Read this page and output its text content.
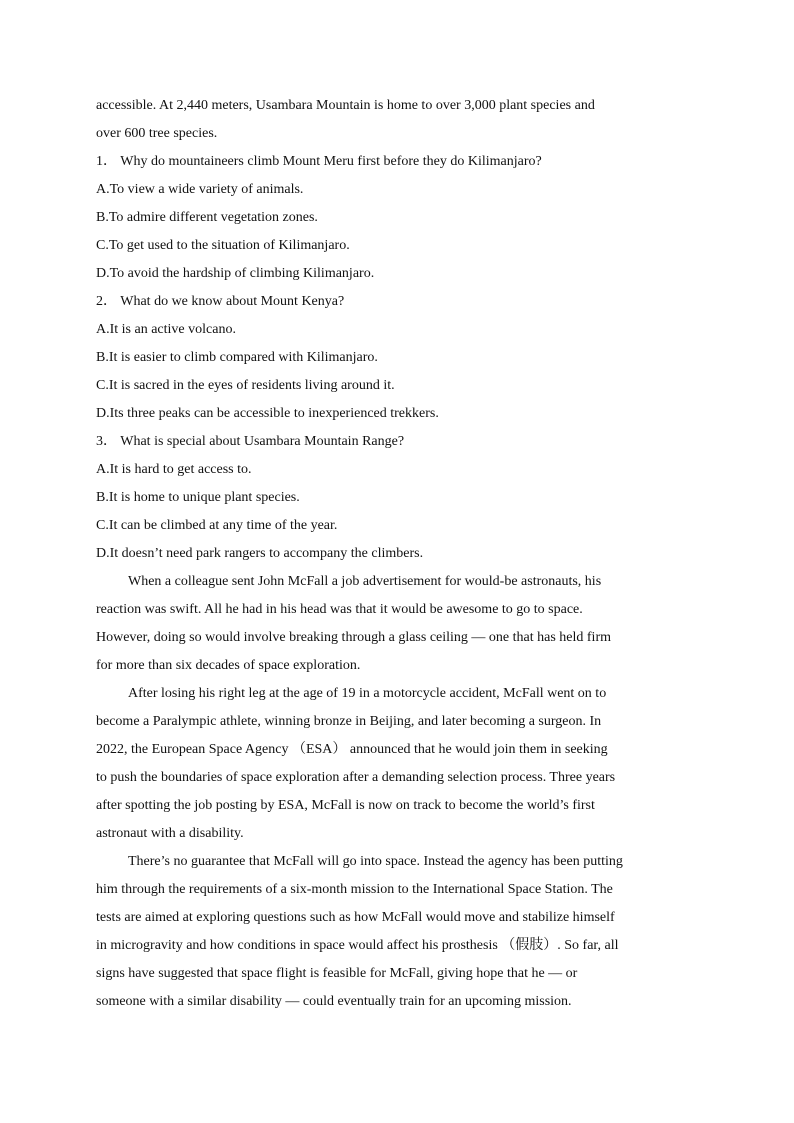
accessible. At 2,440 meters, Usambara Mountain is home to over 3,000 plant species and
over 600 tree species.
1． Why do mountaineers climb Mount Meru first before they do Kilimanjaro?
A.To view a wide variety of animals.
B.To admire different vegetation zones.
C.To get used to the situation of Kilimanjaro.
D.To avoid the hardship of climbing Kilimanjaro.
2． What do we know about Mount Kenya?
A.It is an active volcano.
B.It is easier to climb compared with Kilimanjaro.
C.It is sacred in the eyes of residents living around it.
D.Its three peaks can be accessible to inexperienced trekkers.
3． What is special about Usambara Mountain Range?
A.It is hard to get access to.
B.It is home to unique plant species.
C.It can be climbed at any time of the year.
D.It doesn’t need park rangers to accompany the climbers.
When a colleague sent John McFall a job advertisement for would-be astronauts, his
reaction was swift. All he had in his head was that it would be awesome to go to space.
However, doing so would involve breaking through a glass ceiling — one that has held firm
for more than six decades of space exploration.
After losing his right leg at the age of 19 in a motorcycle accident, McFall went on to
become a Paralympic athlete, winning bronze in Beijing, and later becoming a surgeon. In
2022, the European Space Agency （ESA） announced that he would join them in seeking
to push the boundaries of space exploration after a demanding selection process. Three years
after spotting the job posting by ESA, McFall is now on track to become the world’s first
astronaut with a disability.
There’s no guarantee that McFall will go into space. Instead the agency has been putting
him through the requirements of a six-month mission to the International Space Station. The
tests are aimed at exploring questions such as how McFall would move and stabilize himself
in microgravity and how conditions in space would affect his prosthesis （假肢）. So far, all
signs have suggested that space flight is feasible for McFall, giving hope that he — or
someone with a similar disability — could eventually train for an upcoming mission.
